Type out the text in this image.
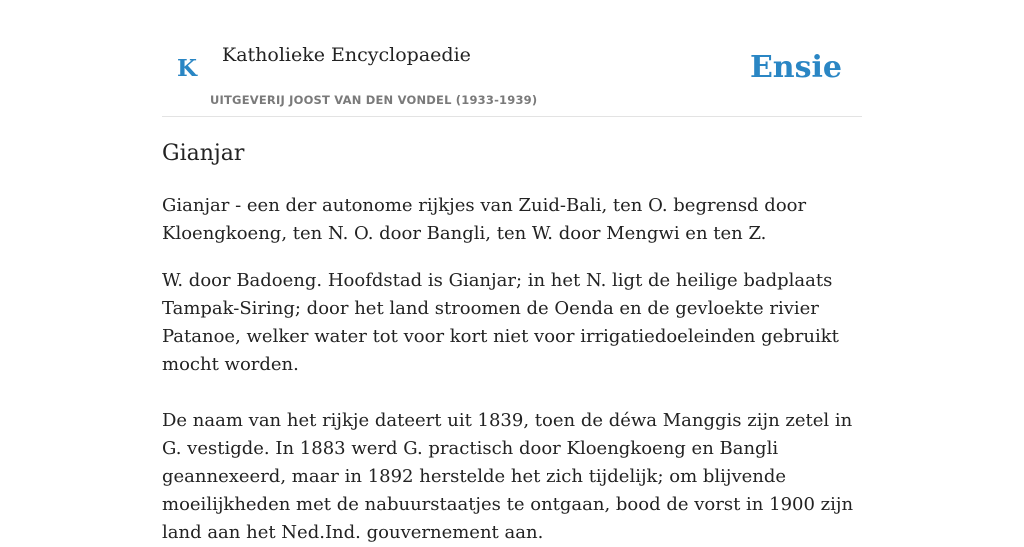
K Katholieke Encyclopaedie
UITGEVERIJ JOOST VAN DEN VONDEL (1933-1939)
Ensie
Gianjar

Gianjar - een der autonome rijkjes van Zuid-Bali, ten O. begrensd door Kloengkoeng, ten N. O. door Bangli, ten W. door Mengwi en ten Z.

W. door Badoeng. Hoofdstad is Gianjar; in het N. ligt de heilige badplaats Tampak-Siring; door het land stroomen de Oenda en de gevloekte rivier Patanoe, welker water tot voor kort niet voor irrigatiedoeleinden gebruikt mocht worden.

De naam van het rijkje dateert uit 1839, toen de déwa Manggis zijn zetel in G. vestigde. In 1883 werd G. practisch door Kloengkoeng en Bangli geannexeerd, maar in 1892 herstelde het zich tijdelijk; om blijvende moeilijkheden met de nabuurstaatjes te ontgaan, bood de vorst in 1900 zijn land aan het Ned.Ind. gouvernement aan.
